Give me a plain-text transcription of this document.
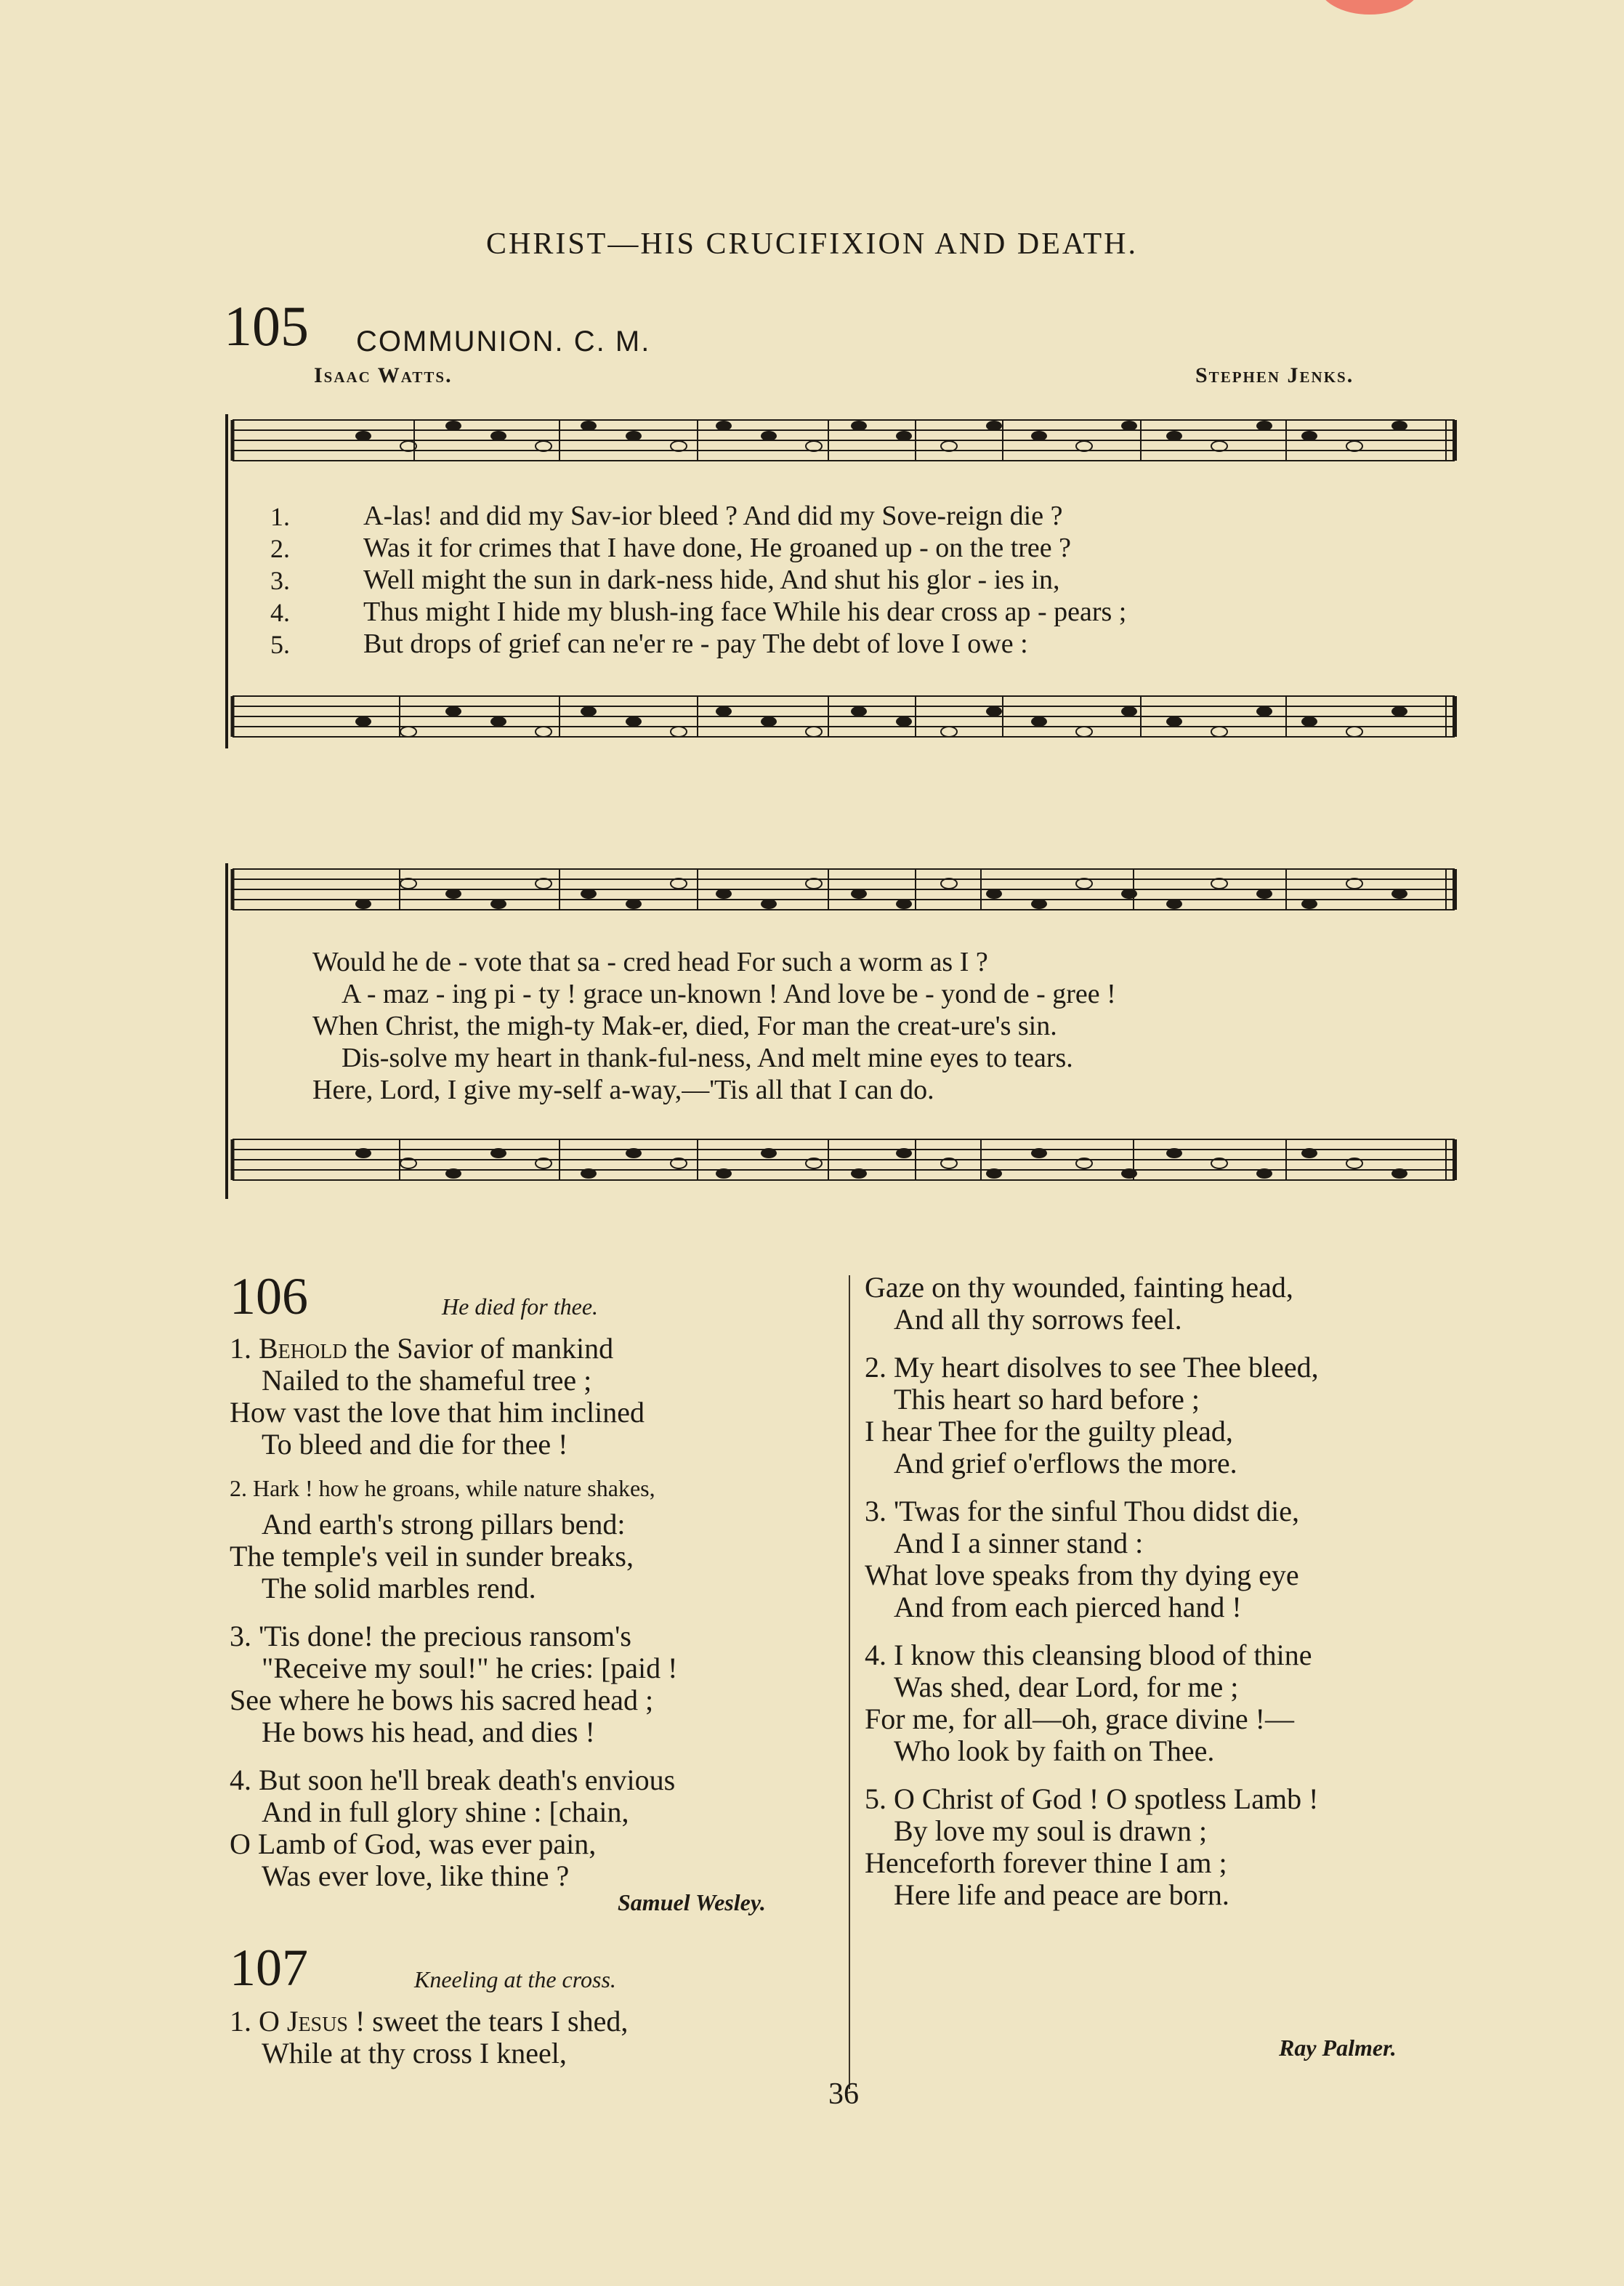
CHRIST—HIS CRUCIFIXION AND DEATH.
105 COMMUNION. C. M.
Isaac Watts.	Stephen Jenks.
1.
2.
3.
4.
5.
A-las! and did my Sav-ior bleed ? And did my Sove-reign die ?
Was it for crimes that I have done, He groaned up - on the tree ?
Well might the sun in dark-ness hide, And shut his glor - ies in,
Thus might I hide my blush-ing face While his dear cross ap - pears ;
But drops of grief can ne'er re - pay The debt of love I owe :
Would he de - vote that sa - cred head For such a worm as I ?
A - maz - ing pi - ty ! grace un-known ! And love be - yond de - gree !
When Christ, the migh-ty Mak-er, died, For man the creat-ure's sin.
Dis-solve my heart in thank-ful-ness, And melt mine eyes to tears.
Here, Lord, I give my-self a-way,—'Tis all that I can do.
106	He died for thee.
1. Behold the Savior of mankind
Nailed to the shameful tree ;
How vast the love that him inclined
To bleed and die for thee !
2. Hark ! how he groans, while nature shakes,
And earth's strong pillars bend:
The temple's veil in sunder breaks,
The solid marbles rend.
3. 'Tis done! the precious ransom's
"Receive my soul!" he cries: [paid !
See where he bows his sacred head ;
He bows his head, and dies !
4. But soon he'll break death's envious
And in full glory shine : [chain,
O Lamb of God, was ever pain,
Was ever love, like thine ?
Samuel Wesley.
107	Kneeling at the cross.
1. O Jesus ! sweet the tears I shed,
While at thy cross I kneel,
Gaze on thy wounded, fainting head,
And all thy sorrows feel.
2. My heart disolves to see Thee bleed,
This heart so hard before ;
I hear Thee for the guilty plead,
And grief o'erflows the more.
3. 'Twas for the sinful Thou didst die,
And I a sinner stand :
What love speaks from thy dying eye
And from each pierced hand !
4. I know this cleansing blood of thine
Was shed, dear Lord, for me ;
For me, for all—oh, grace divine !—
Who look by faith on Thee.
5. O Christ of God ! O spotless Lamb !
By love my soul is drawn ;
Henceforth forever thine I am ;
Here life and peace are born.
Ray Palmer.
36
